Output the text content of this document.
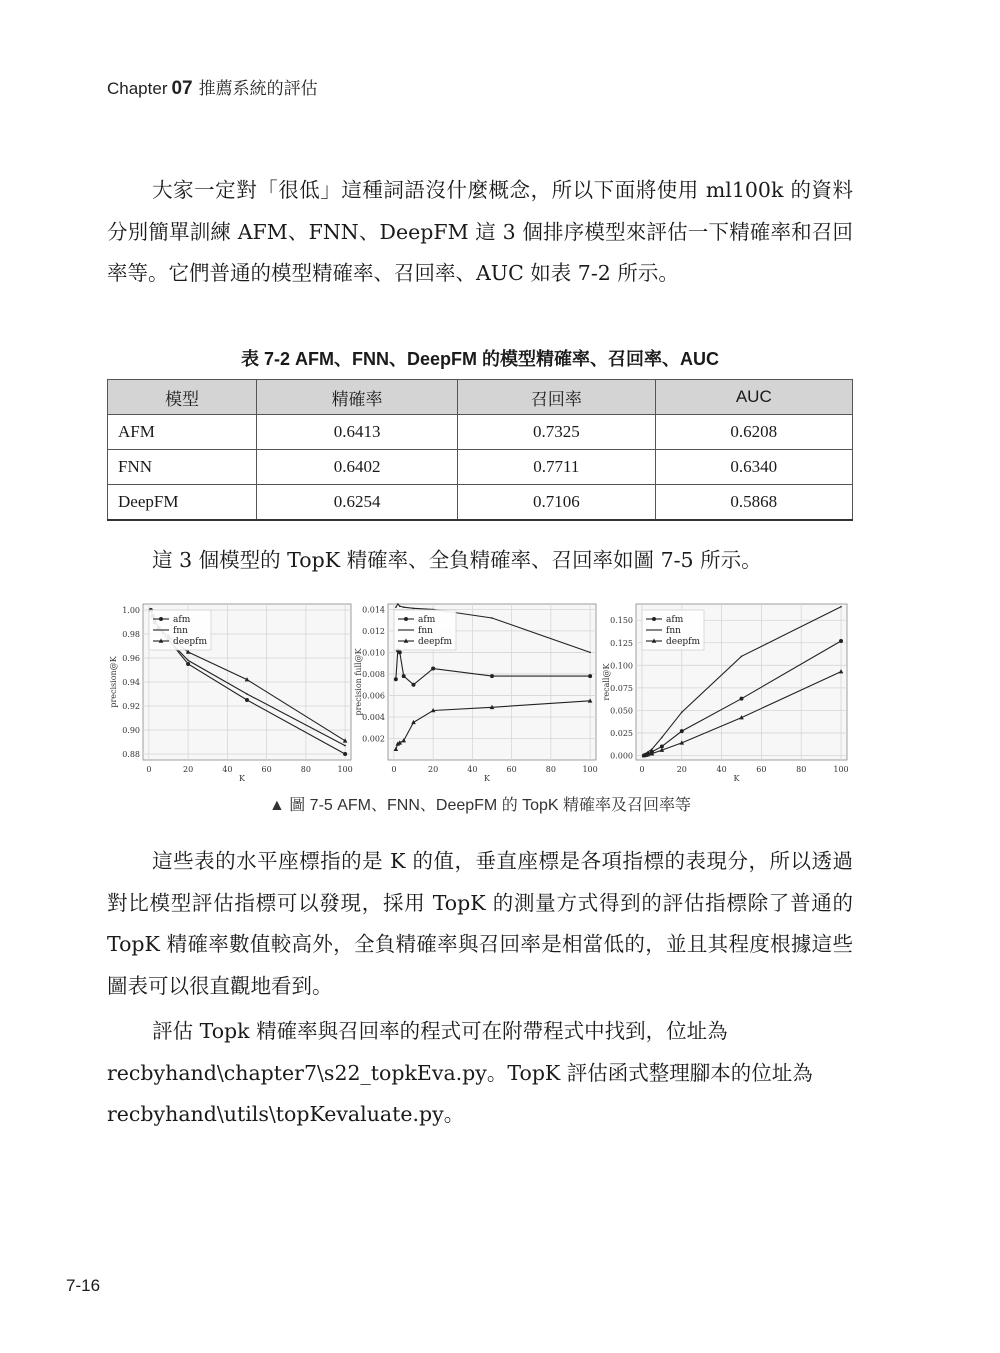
Chapter 07 推薦系統的評估

大家一定對「很低」這種詞語沒什麼概念，所以下面將使用 ml100k 的資料分別簡單訓練 AFM、FNN、DeepFM 這 3 個排序模型來評估一下精確率和召回率等。它們普通的模型精確率、召回率、AUC 如表 7-2 所示。

表 7-2 AFM、FNN、DeepFM 的模型精確率、召回率、AUC
模型	精確率	召回率	AUC
AFM	0.6413	0.7325	0.6208
FNN	0.6402	0.7711	0.6340
DeepFM	0.6254	0.7106	0.5868

這 3 個模型的 TopK 精確率、全負精確率、召回率如圖 7-5 所示。

0	20	40	60	80	100
0.88
0.90
0.92
0.94
0.96
0.98
1.00
K
precision@K
afm
fnn
deepfm
0	20	40	60	80	100
0.002
0.004
0.006
0.008
0.010
0.012
0.014
K
precision full@K
afm
fnn
deepfm
0	20	40	60	80	100
0.000
0.025
0.050
0.075
0.100
0.125
0.150
K
recall@K
afm
fnn
deepfm
▲ 圖 7-5 AFM、FNN、DeepFM 的 TopK 精確率及召回率等

這些表的水平座標指的是 K 的值，垂直座標是各項指標的表現分，所以透過對比模型評估指標可以發現，採用 TopK 的測量方式得到的評估指標除了普通的 TopK 精確率數值較高外，全負精確率與召回率是相當低的，並且其程度根據這些圖表可以很直觀地看到。

評估 Topk 精確率與召回率的程式可在附帶程式中找到，位址為
recbyhand\chapter7\s22_topkEva.py。TopK 評估函式整理腳本的位址為
recbyhand\utils\topKevaluate.py。
7-16
